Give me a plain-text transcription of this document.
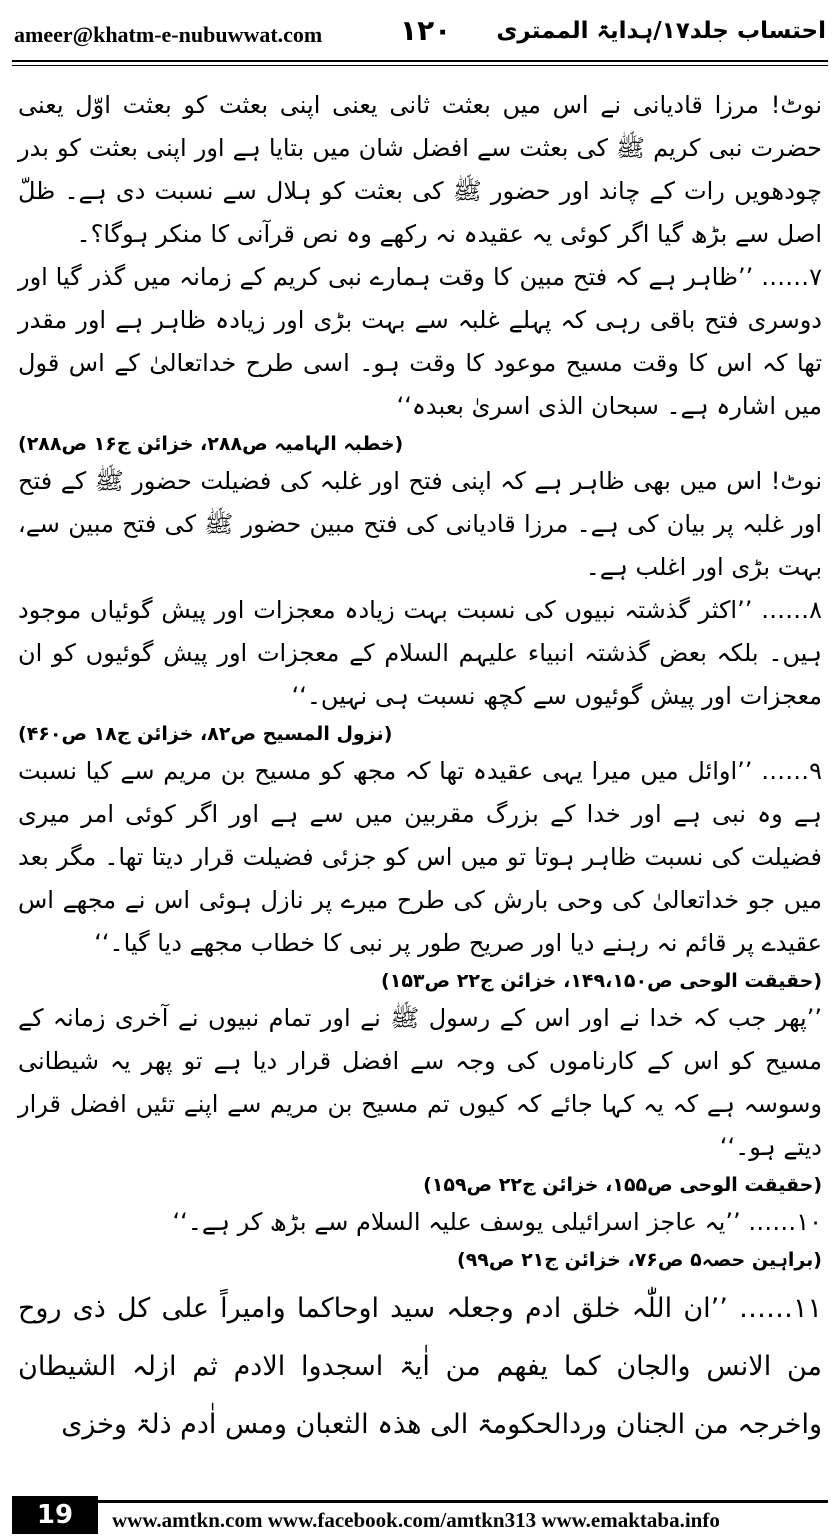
ameer@khatm-e-nubuwwat.com	۱۲۰ احتساب جلد۱۷/ہدایۃ الممتری

نوٹ! مرزا قادیانی نے اس میں بعثت ثانی یعنی اپنی بعثت کو بعثت اوّل یعنی حضرت نبی کریم ﷺ کی بعثت سے افضل شان میں بتایا ہے اور اپنی بعثت کو بدر چودھویں رات کے چاند اور حضور ﷺ کی بعثت کو ہلال سے نسبت دی ہے۔ ظلّ اصل سے بڑھ گیا اگر کوئی یہ عقیدہ نہ رکھے وہ نص قرآنی کا منکر ہوگا؟۔

۷…… ’’ظاہر ہے کہ فتح مبین کا وقت ہمارے نبی کریم کے زمانہ میں گذر گیا اور دوسری فتح باقی رہی کہ پہلے غلبہ سے بہت بڑی اور زیادہ ظاہر ہے اور مقدر تھا کہ اس کا وقت مسیح موعود کا وقت ہو۔ اسی طرح خداتعالیٰ کے اس قول میں اشارہ ہے۔ سبحان الذی اسریٰ بعبدہ‘‘

(خطبہ الہامیہ ص۲۸۸، خزائن ج۱۶ ص۲۸۸)

نوٹ! اس میں بھی ظاہر ہے کہ اپنی فتح اور غلبہ کی فضیلت حضور ﷺ کے فتح اور غلبہ پر بیان کی ہے۔ مرزا قادیانی کی فتح مبین حضور ﷺ کی فتح مبین سے، بہت بڑی اور اغلب ہے۔

۸…… ’’اکثر گذشتہ نبیوں کی نسبت بہت زیادہ معجزات اور پیش گوئیاں موجود ہیں۔ بلکہ بعض گذشتہ انبیاء علیہم السلام کے معجزات اور پیش گوئیوں کو ان معجزات اور پیش گوئیوں سے کچھ نسبت ہی نہیں۔‘‘

(نزول المسیح ص۸۲، خزائن ج۱۸ ص۴۶۰)

۹…… ’’اوائل میں میرا یہی عقیدہ تھا کہ مجھ کو مسیح بن مریم سے کیا نسبت ہے وہ نبی ہے اور خدا کے بزرگ مقربین میں سے ہے اور اگر کوئی امر میری فضیلت کی نسبت ظاہر ہوتا تو میں اس کو جزئی فضیلت قرار دیتا تھا۔ مگر بعد میں جو خداتعالیٰ کی وحی بارش کی طرح میرے پر نازل ہوئی اس نے مجھے اس عقیدے پر قائم نہ رہنے دیا اور صریح طور پر نبی کا خطاب مجھے دیا گیا۔‘‘

(حقیقت الوحی ص۱۴۹،۱۵۰، خزائن ج۲۲ ص۱۵۳)

’’پھر جب کہ خدا نے اور اس کے رسول ﷺ نے اور تمام نبیوں نے آخری زمانہ کے مسیح کو اس کے کارناموں کی وجہ سے افضل قرار دیا ہے تو پھر یہ شیطانی وسوسہ ہے کہ یہ کہا جائے کہ کیوں تم مسیح بن مریم سے اپنے تئیں افضل قرار دیتے ہو۔‘‘

(حقیقت الوحی ص۱۵۵، خزائن ج۲۲ ص۱۵۹)

۱۰…… ’’یہ عاجز اسرائیلی یوسف علیہ السلام سے بڑھ کر ہے۔‘‘

(براہین حصہ۵ ص۷۶، خزائن ج۲۱ ص۹۹)

۱۱…… ’’ان اللّٰہ خلق ادم وجعلہ سید اوحاکما وامیراً علی کل ذی روح من الانس والجان کما یفھم من اٰیۃ اسجدوا الادم ثم ازلہ الشیطان واخرجہ من الجنان وردالحکومۃ الی ھذہ الثعبان ومس اٰدم ذلۃ وخزی

19	www.amtkn.com www.facebook.com/amtkn313 www.emaktaba.info
